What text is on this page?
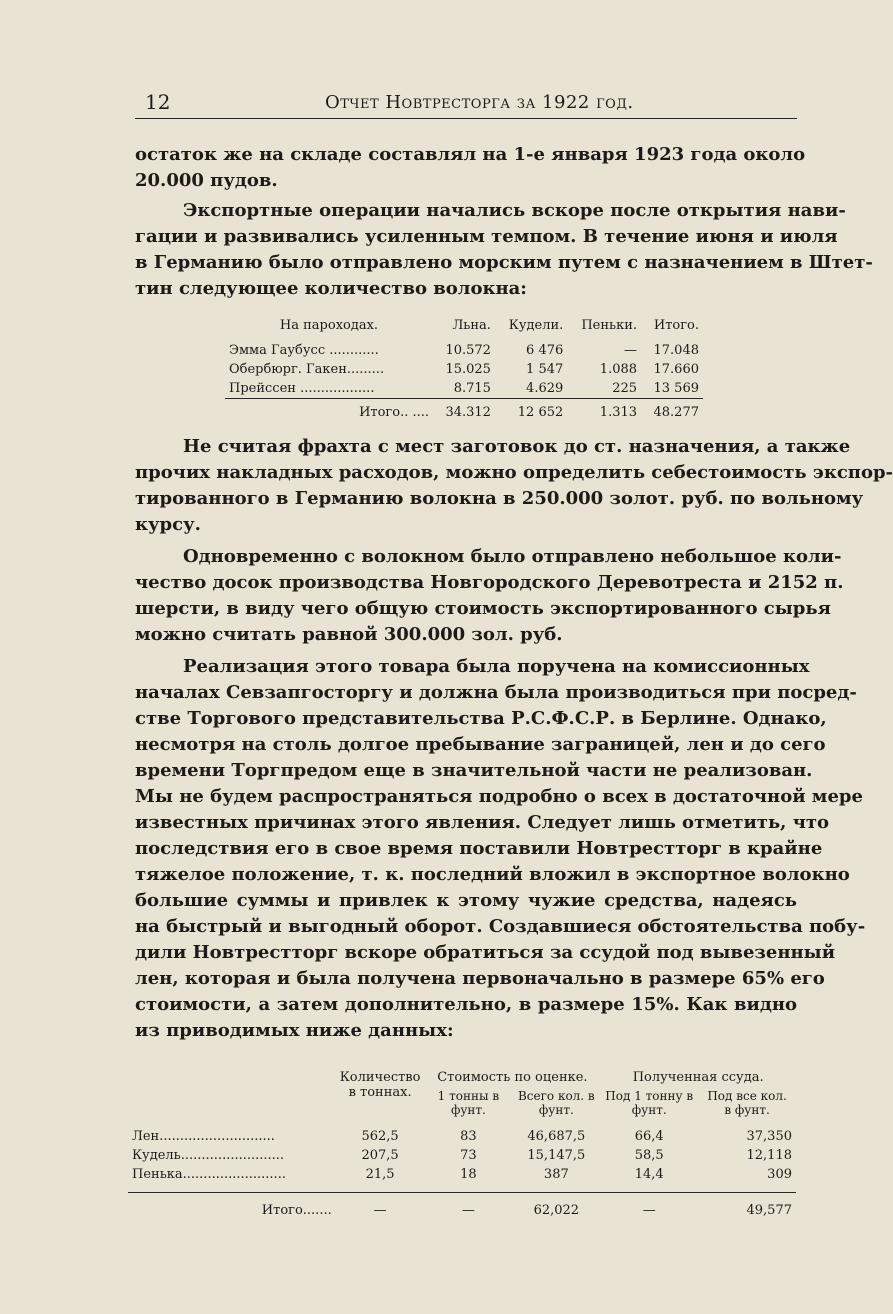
12	Отчет Новтресторга за 1922 год.
остаток же на складе составлял на 1-е января 1923 года около
20.000 пудов.
Экспортные операции начались вскоре после открытия нави-
гации и развивались усиленным темпом. В течение июня и июля
в Германию было отправлено морским путем с назначением в Штет-
тин следующее количество волокна:
На пароходах.	Льна.	Кудели.	Пеньки.	Итого.
Эмма Гаубусс ............	10.572	6 476	—	17.048
Обербюрг. Гакен.........	15.025	1 547	1.088	17.660
Прейссен ..................	8.715	4.629	225	13 569
Итого.. ....	34.312	12 652	1.313	48.277
Не считая фрахта с мест заготовок до ст. назначения, а также
прочих накладных расходов, можно определить себестоимость экспор-
тированного в Германию волокна в 250.000 золот. руб. по вольному
курсу.
Одновременно с волокном было отправлено небольшое коли-
чество досок производства Новгородского Деревотреста и 2152 п.
шерсти, в виду чего общую стоимость экспортированного сырья
можно считать равной 300.000 зол. руб.
Реализация этого товара была поручена на комиссионных
началах Севзапгосторгу и должна была производиться при посред-
стве Торгового представительства Р.С.Ф.С.Р. в Берлине. Однако,
несмотря на столь долгое пребывание заграницей, лен и до сего
времени Торгпредом еще в значительной части не реализован.
Мы не будем распространяться подробно о всех в достаточной мере
известных причинах этого явления. Следует лишь отметить, что
последствия его в свое время поставили Новтрестторг в крайне
тяжелое положение, т. к. последний вложил в экспортное волокно
большие суммы и привлек к этому чужие средства, надеясь
на быстрый и выгодный оборот. Создавшиеся обстоятельства побу-
дили Новтрестторг вскоре обратиться за ссудой под вывезенный
лен, которая и была получена первоначально в размере 65% его
стоимости, а затем дополнительно, в размере 15%. Как видно
из приводимых ниже данных:
	Количество в тоннах.	Стоимость по оценке.		Полученная ссуда.	
		1 тонны в фунт.	Всего кол. в фунт.	Под 1 тонну в фунт.	Под все кол. в фунт.
Лен............................	562,5	83	46,687,5	66,4	37,350
Кудель.........................	207,5	73	15,147,5	58,5	12,118
Пенька.........................	21,5	18	387	14,4	309
Итого.......	—	—	62,022	—	49,577
